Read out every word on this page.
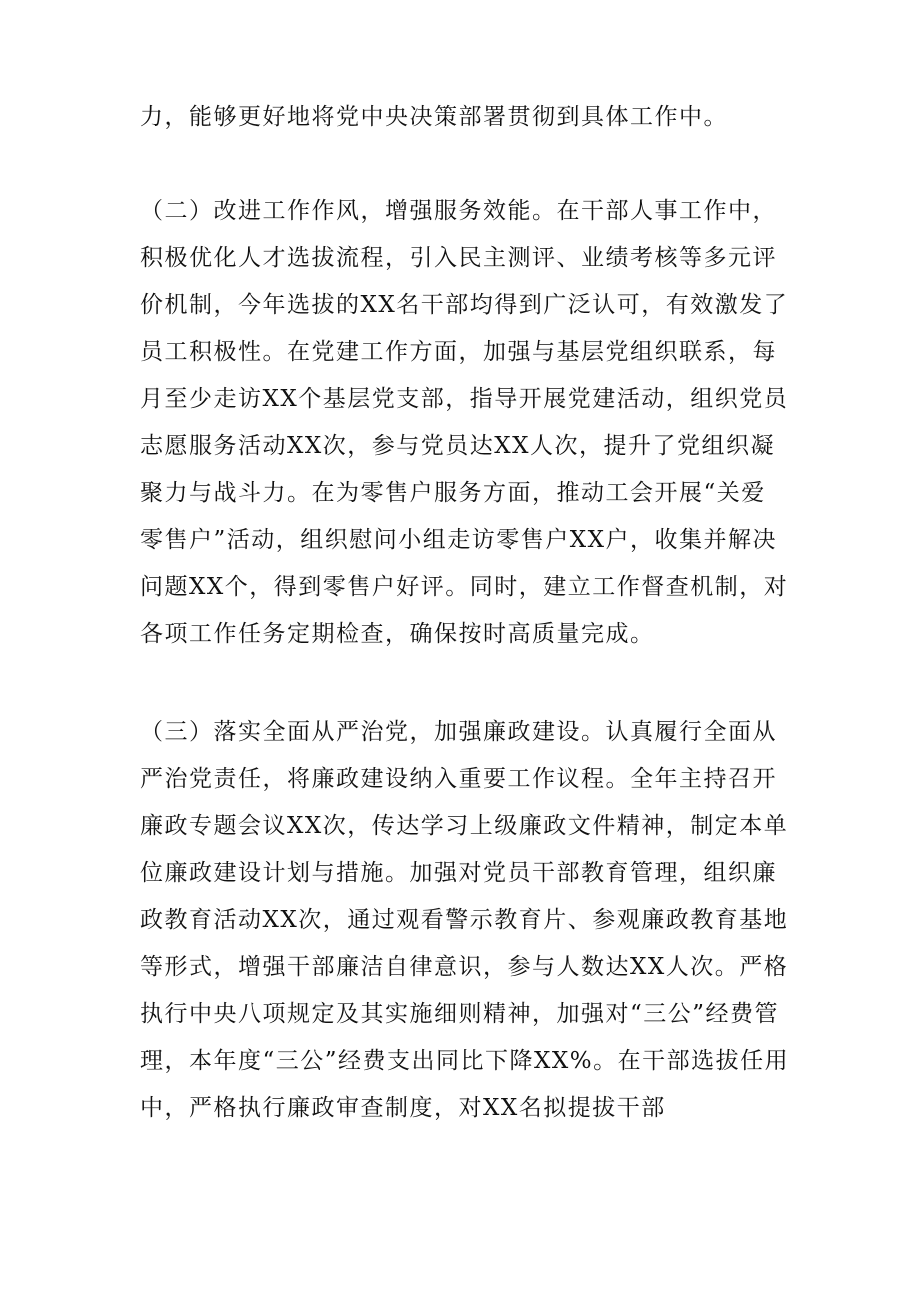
力，能够更好地将党中央决策部署贯彻到具体工作中。

（二）改进工作作风，增强服务效能。在干部人事工作中，积极优化人才选拔流程，引入民主测评、业绩考核等多元评价机制，今年选拔的XX名干部均得到广泛认可，有效激发了员工积极性。在党建工作方面，加强与基层党组织联系，每月至少走访XX个基层党支部，指导开展党建活动，组织党员志愿服务活动XX次，参与党员达XX人次，提升了党组织凝聚力与战斗力。在为零售户服务方面，推动工会开展“关爱零售户”活动，组织慰问小组走访零售户XX户，收集并解决问题XX个，得到零售户好评。同时，建立工作督查机制，对各项工作任务定期检查，确保按时高质量完成。

（三）落实全面从严治党，加强廉政建设。认真履行全面从严治党责任，将廉政建设纳入重要工作议程。全年主持召开廉政专题会议XX次，传达学习上级廉政文件精神，制定本单位廉政建设计划与措施。加强对党员干部教育管理，组织廉政教育活动XX次，通过观看警示教育片、参观廉政教育基地等形式，增强干部廉洁自律意识，参与人数达XX人次。严格执行中央八项规定及其实施细则精神，加强对“三公”经费管理，本年度“三公”经费支出同比下降XX%。在干部选拔任用中，严格执行廉政审查制度，对XX名拟提拔干部
